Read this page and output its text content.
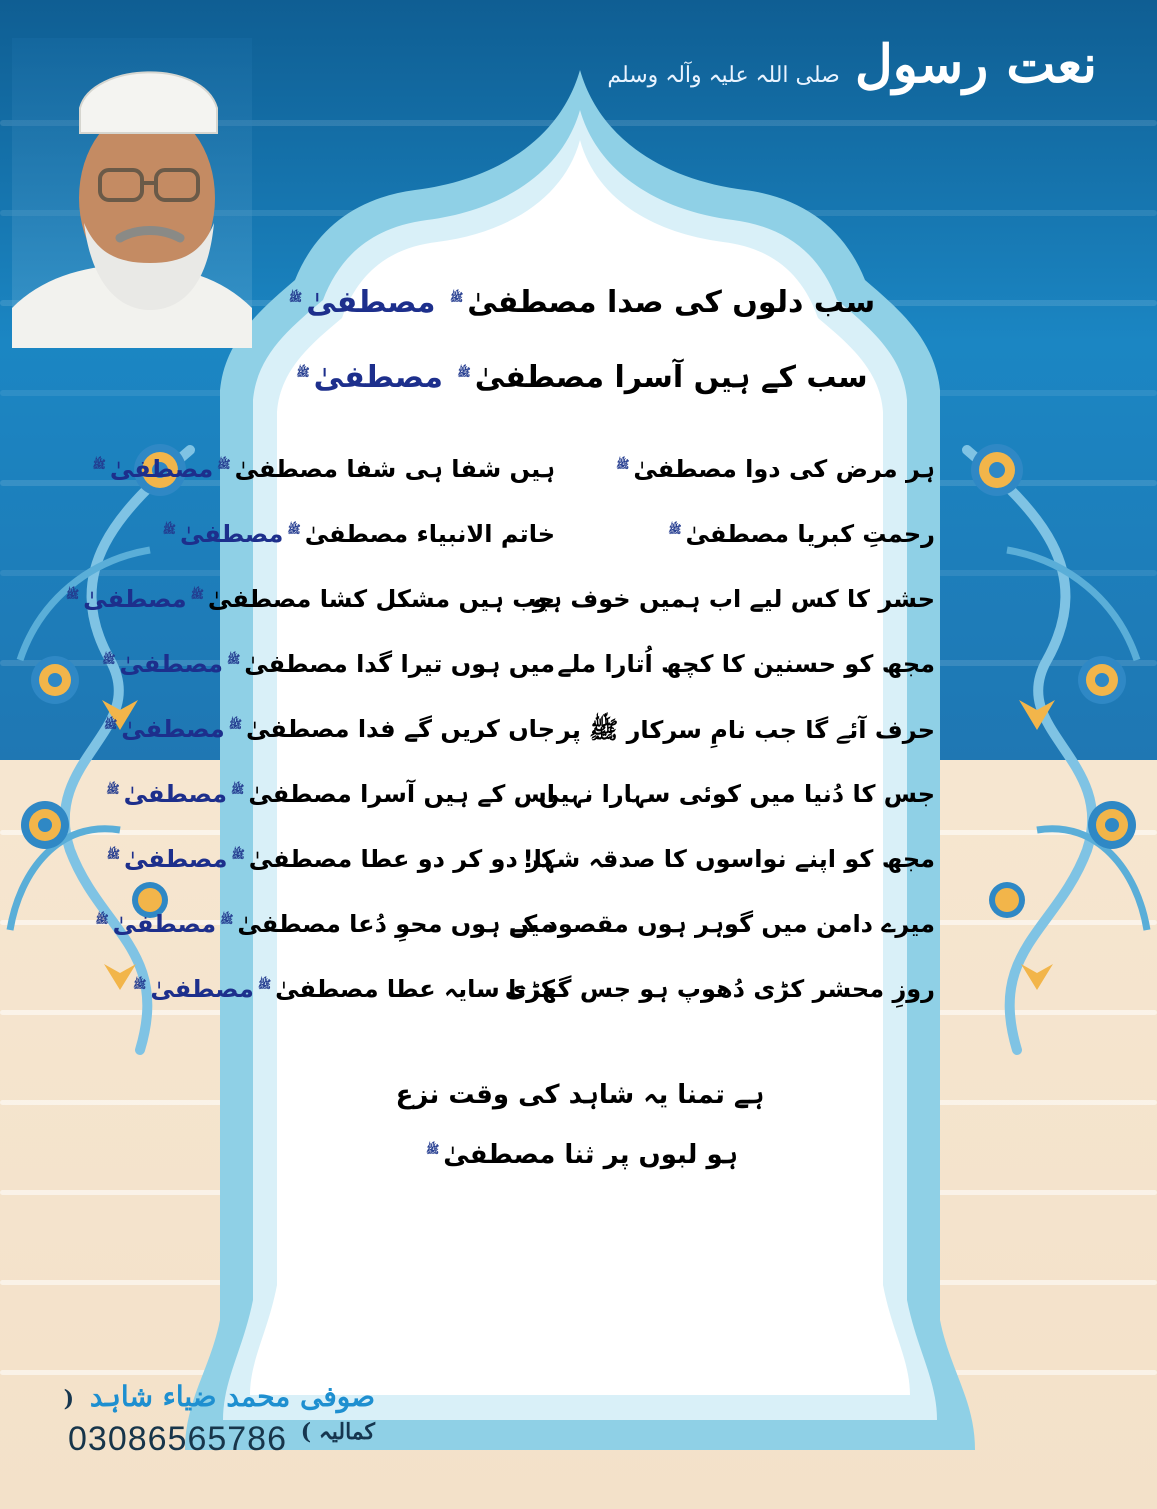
نعت رسول صلی اللہ علیہ وآلہ وسلم
سب دلوں کی صدا مصطفیٰ$^ﷺ$ مصطفیٰ$^ﷺ$
سب کے ہیں آسرا مصطفیٰ$^ﷺ$ مصطفیٰ$^ﷺ$
ہر مرض کی دوا مصطفیٰ$^ﷺ$
ہیں شفا ہی شفا مصطفیٰ$^ﷺ$مصطفیٰ$^ﷺ$
رحمتِ کبریا مصطفیٰ$^ﷺ$
خاتم الانبیاء مصطفیٰ$^ﷺ$مصطفیٰ$^ﷺ$
حشر کا کس لیے اب ہمیں خوف ہو
جب ہیں مشکل کشا مصطفیٰ$^ﷺ$مصطفیٰ$^ﷺ$
مجھ کو حسنین کا کچھ اُتارا ملے
میں ہوں تیرا گدا مصطفیٰ$^ﷺ$مصطفیٰ$^ﷺ$
حرف آئے گا جب نامِ سرکار ﷺ پر
جاں کریں گے فدا مصطفیٰ$^ﷺ$مصطفیٰ$^ﷺ$
جس کا دُنیا میں کوئی سہارا نہیں
اس کے ہیں آسرا مصطفیٰ$^ﷺ$مصطفیٰ$^ﷺ$
مجھ کو اپنے نواسوں کا صدقہ شہا!
کر دو کر دو عطا مصطفیٰ$^ﷺ$مصطفیٰ$^ﷺ$
میرے دامن میں گوہر ہوں مقصود کے
میں ہوں محوِ دُعا مصطفیٰ$^ﷺ$مصطفیٰ$^ﷺ$
روزِ محشر کڑی دُھوپ ہو جس گھڑی
کرنا سایہ عطا مصطفیٰ$^ﷺ$مصطفیٰ$^ﷺ$
ہے تمنا یہ شاہد کی وقت نزع
ہو لبوں پر ثنا مصطفیٰ$^ﷺ$
صوفی محمد ضیاء شاہد ( کمالیہ )
03086565786
